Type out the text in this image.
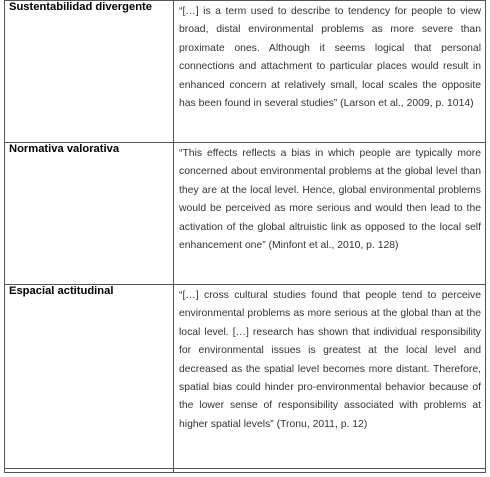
Sustentabilidad divergente	“[…] is a term used to describe to tendency for people to view broad, distal environmental problems as more severe than proximate ones. Although it seems logical that personal connections and attachment to particular places would result in enhanced concern at relatively small, local scales the opposite has been found in several studies” (Larson et al., 2009, p. 1014)

Normativa valorativa	“This effects reflects a bias in which people are typically more concerned about environmental problems at the global level than they are at the local level. Hence, global environmental problems would be perceived as more serious and would then lead to the activation of the global altruistic link as opposed to the local self enhancement one” (Minfont et al., 2010, p. 128)

Espacial actitudinal	“[…] cross cultural studies found that people tend to perceive environmental problems as more serious at the global than at the local level. […] research has shown that individual responsibility for environmental issues is greatest at the local level and decreased as the spatial level becomes more distant. Therefore, spatial bias could hinder pro-environmental behavior because of the lower sense of responsibility associated with problems at higher spatial levels” (Tronu, 2011, p. 12)
